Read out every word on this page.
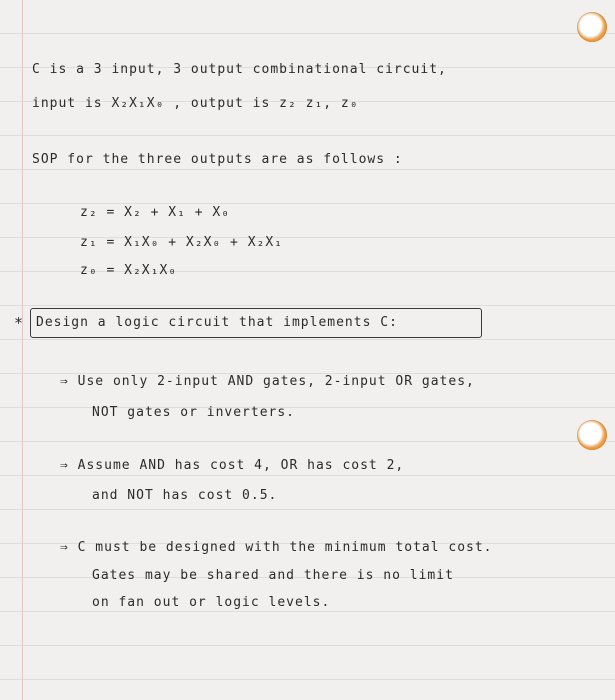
C is a 3 input, 3 output combinational circuit,
input is X₂X₁X₀ , output is z₂ z₁, z₀
SOP for the three outputs are as follows :
z₂ = X₂ + X₁ + X₀
z₁ = X₁X₀ + X₂X₀ + X₂X₁
z₀ = X₂X₁X₀
* Design a logic circuit that implements C:
⇒ Use only 2-input AND gates, 2-input OR gates,
NOT gates or inverters.
⇒ Assume AND has cost 4, OR has cost 2,
and NOT has cost 0.5.
⇒ C must be designed with the minimum total cost.
Gates may be shared and there is no limit
on fan out or logic levels.
